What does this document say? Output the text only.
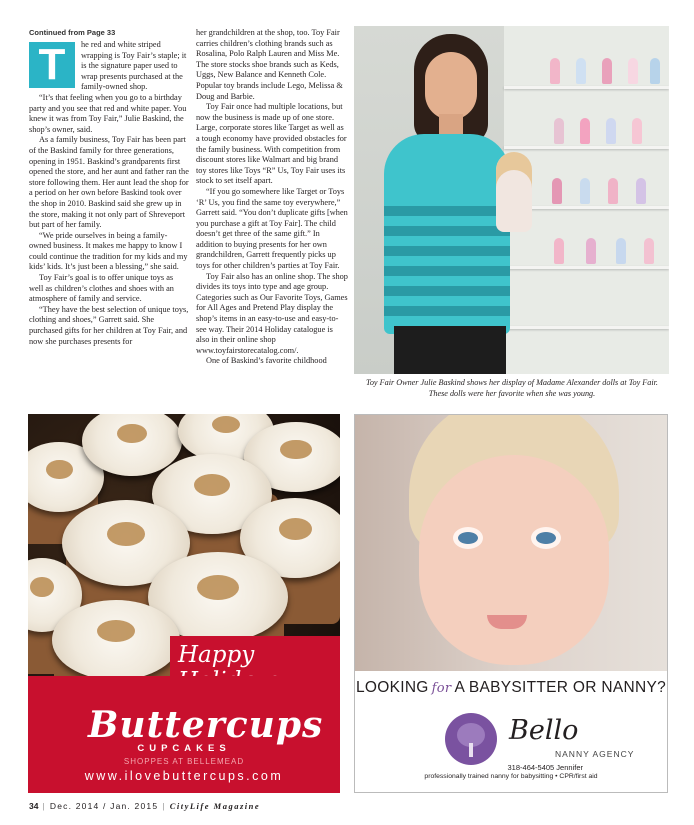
Continued from Page 33
T	he red and white striped wrapping is Toy Fair’s staple; it is the signature paper used to wrap presents purchased at the family-owned shop.

“It’s that feeling when you go to a birthday party and you see that red and white paper. You knew it was from Toy Fair,” Julie Baskind, the shop’s owner, said.

As a family business, Toy Fair has been part of the Baskind family for three generations, opening in 1951. Baskind’s grandparents first opened the store, and her aunt and father ran the store following them. Her aunt lead the shop for a period on her own before Baskind took over the shop in 2010. Baskind said she grew up in the store, making it not only part of Shreveport but part of her family.

“We pride ourselves in being a family-owned business. It makes me happy to know I could continue the tradition for my kids and my kids’ kids. It’s just been a blessing,” she said.

Toy Fair’s goal is to offer unique toys as well as children’s clothes and shoes with an atmosphere of family and service.

“They have the best selection of unique toys, clothing and shoes,” Garrett said. She purchased gifts for her children at Toy Fair, and now she purchases presents for

her grandchildren at the shop, too. Toy Fair carries children’s clothing brands such as Rosalina, Polo Ralph Lauren and Miss Me. The store stocks shoe brands such as Keds, Uggs, New Balance and Kenneth Cole. Popular toy brands include Lego, Melissa & Doug and Barbie.

Toy Fair once had multiple locations, but now the business is made up of one store. Large, corporate stores like Target as well as a tough economy have provided obstacles for the family business. With competition from discount stores like Walmart and big brand toy stores like Toys “R” Us, Toy Fair uses its stock to set itself apart.

“If you go somewhere like Target or Toys ‘R’ Us, you find the same toy everywhere,” Garrett said. “You don’t duplicate gifts [when you purchase a gift at Toy Fair]. The child doesn’t get three of the same gift.” In addition to buying presents for her own grandchildren, Garrett frequently picks up toys for other children’s parties at Toy Fair.

Toy Fair also has an online shop. The shop divides its toys into type and age group. Categories such as Our Favorite Toys, Games for All Ages and Pretend Play display the shop’s items in an easy-to-use and easy-to-see way. Their 2014 Holiday catalogue is also in their online shop www.toyfairstorecatalog.com/.

One of Baskind’s favorite childhood

Toy Fair Owner Julie Baskind shows her display of Madame Alexander dolls at Toy Fair. These dolls were her favorite when she was young.
Happy
Buttercups
CUPCAKES
SHOPPES AT BELLEMEAD
www.ilovebuttercups.com
LOOKING for A BABYSITTER OR NANNY?
Bello
NANNY AGENCY
318-464-5405 Jennifer
professionally trained nanny for babysitting • CPR/first aid
34 | Dec. 2014 / Jan. 2015 | CityLife Magazine
